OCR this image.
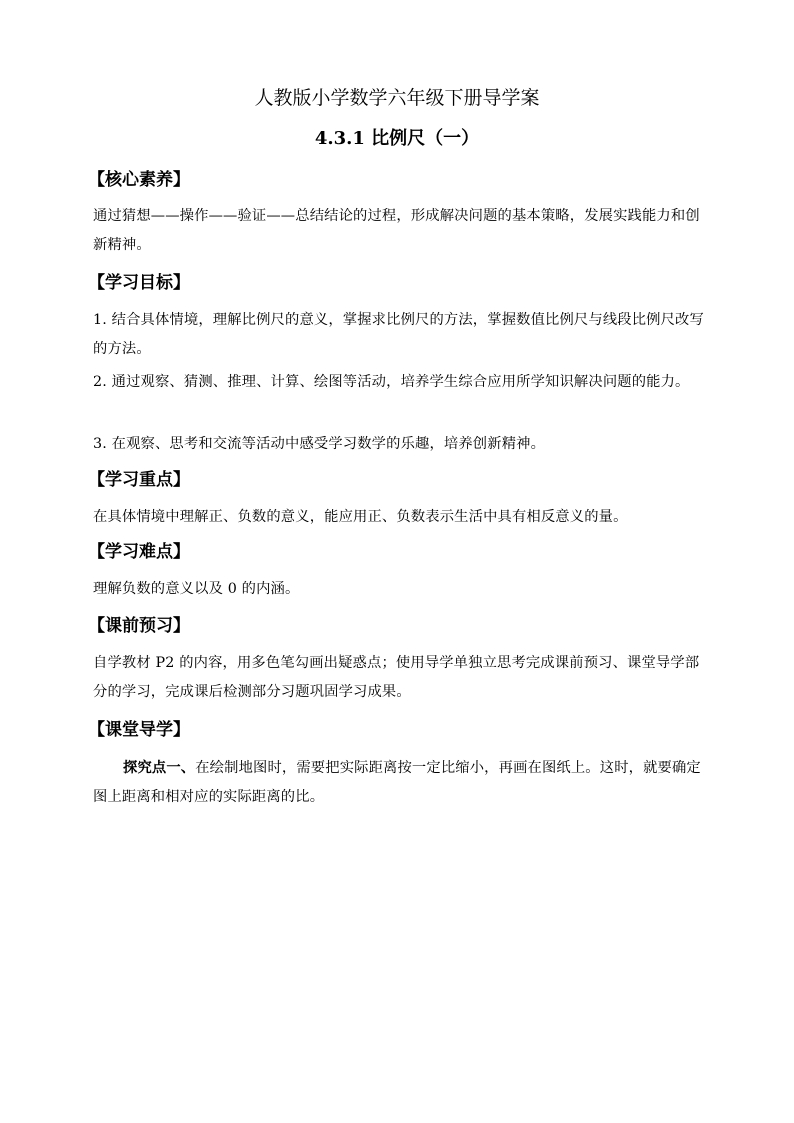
人教版小学数学六年级下册导学案
4.3.1 比例尺（一）
【核心素养】
通过猜想——操作——验证——总结结论的过程，形成解决问题的基本策略，发展实践能力和创新精神。
【学习目标】
1. 结合具体情境，理解比例尺的意义，掌握求比例尺的方法，掌握数值比例尺与线段比例尺改写的方法。
2. 通过观察、猜测、推理、计算、绘图等活动，培养学生综合应用所学知识解决问题的能力。
3. 在观察、思考和交流等活动中感受学习数学的乐趣，培养创新精神。
【学习重点】
在具体情境中理解正、负数的意义，能应用正、负数表示生活中具有相反意义的量。
【学习难点】
理解负数的意义以及 0 的内涵。
【课前预习】
自学教材 P2 的内容，用多色笔勾画出疑惑点；使用导学单独立思考完成课前预习、课堂导学部分的学习，完成课后检测部分习题巩固学习成果。
【课堂导学】
探究点一、在绘制地图时，需要把实际距离按一定比缩小，再画在图纸上。这时，就要确定图上距离和相对应的实际距离的比。
